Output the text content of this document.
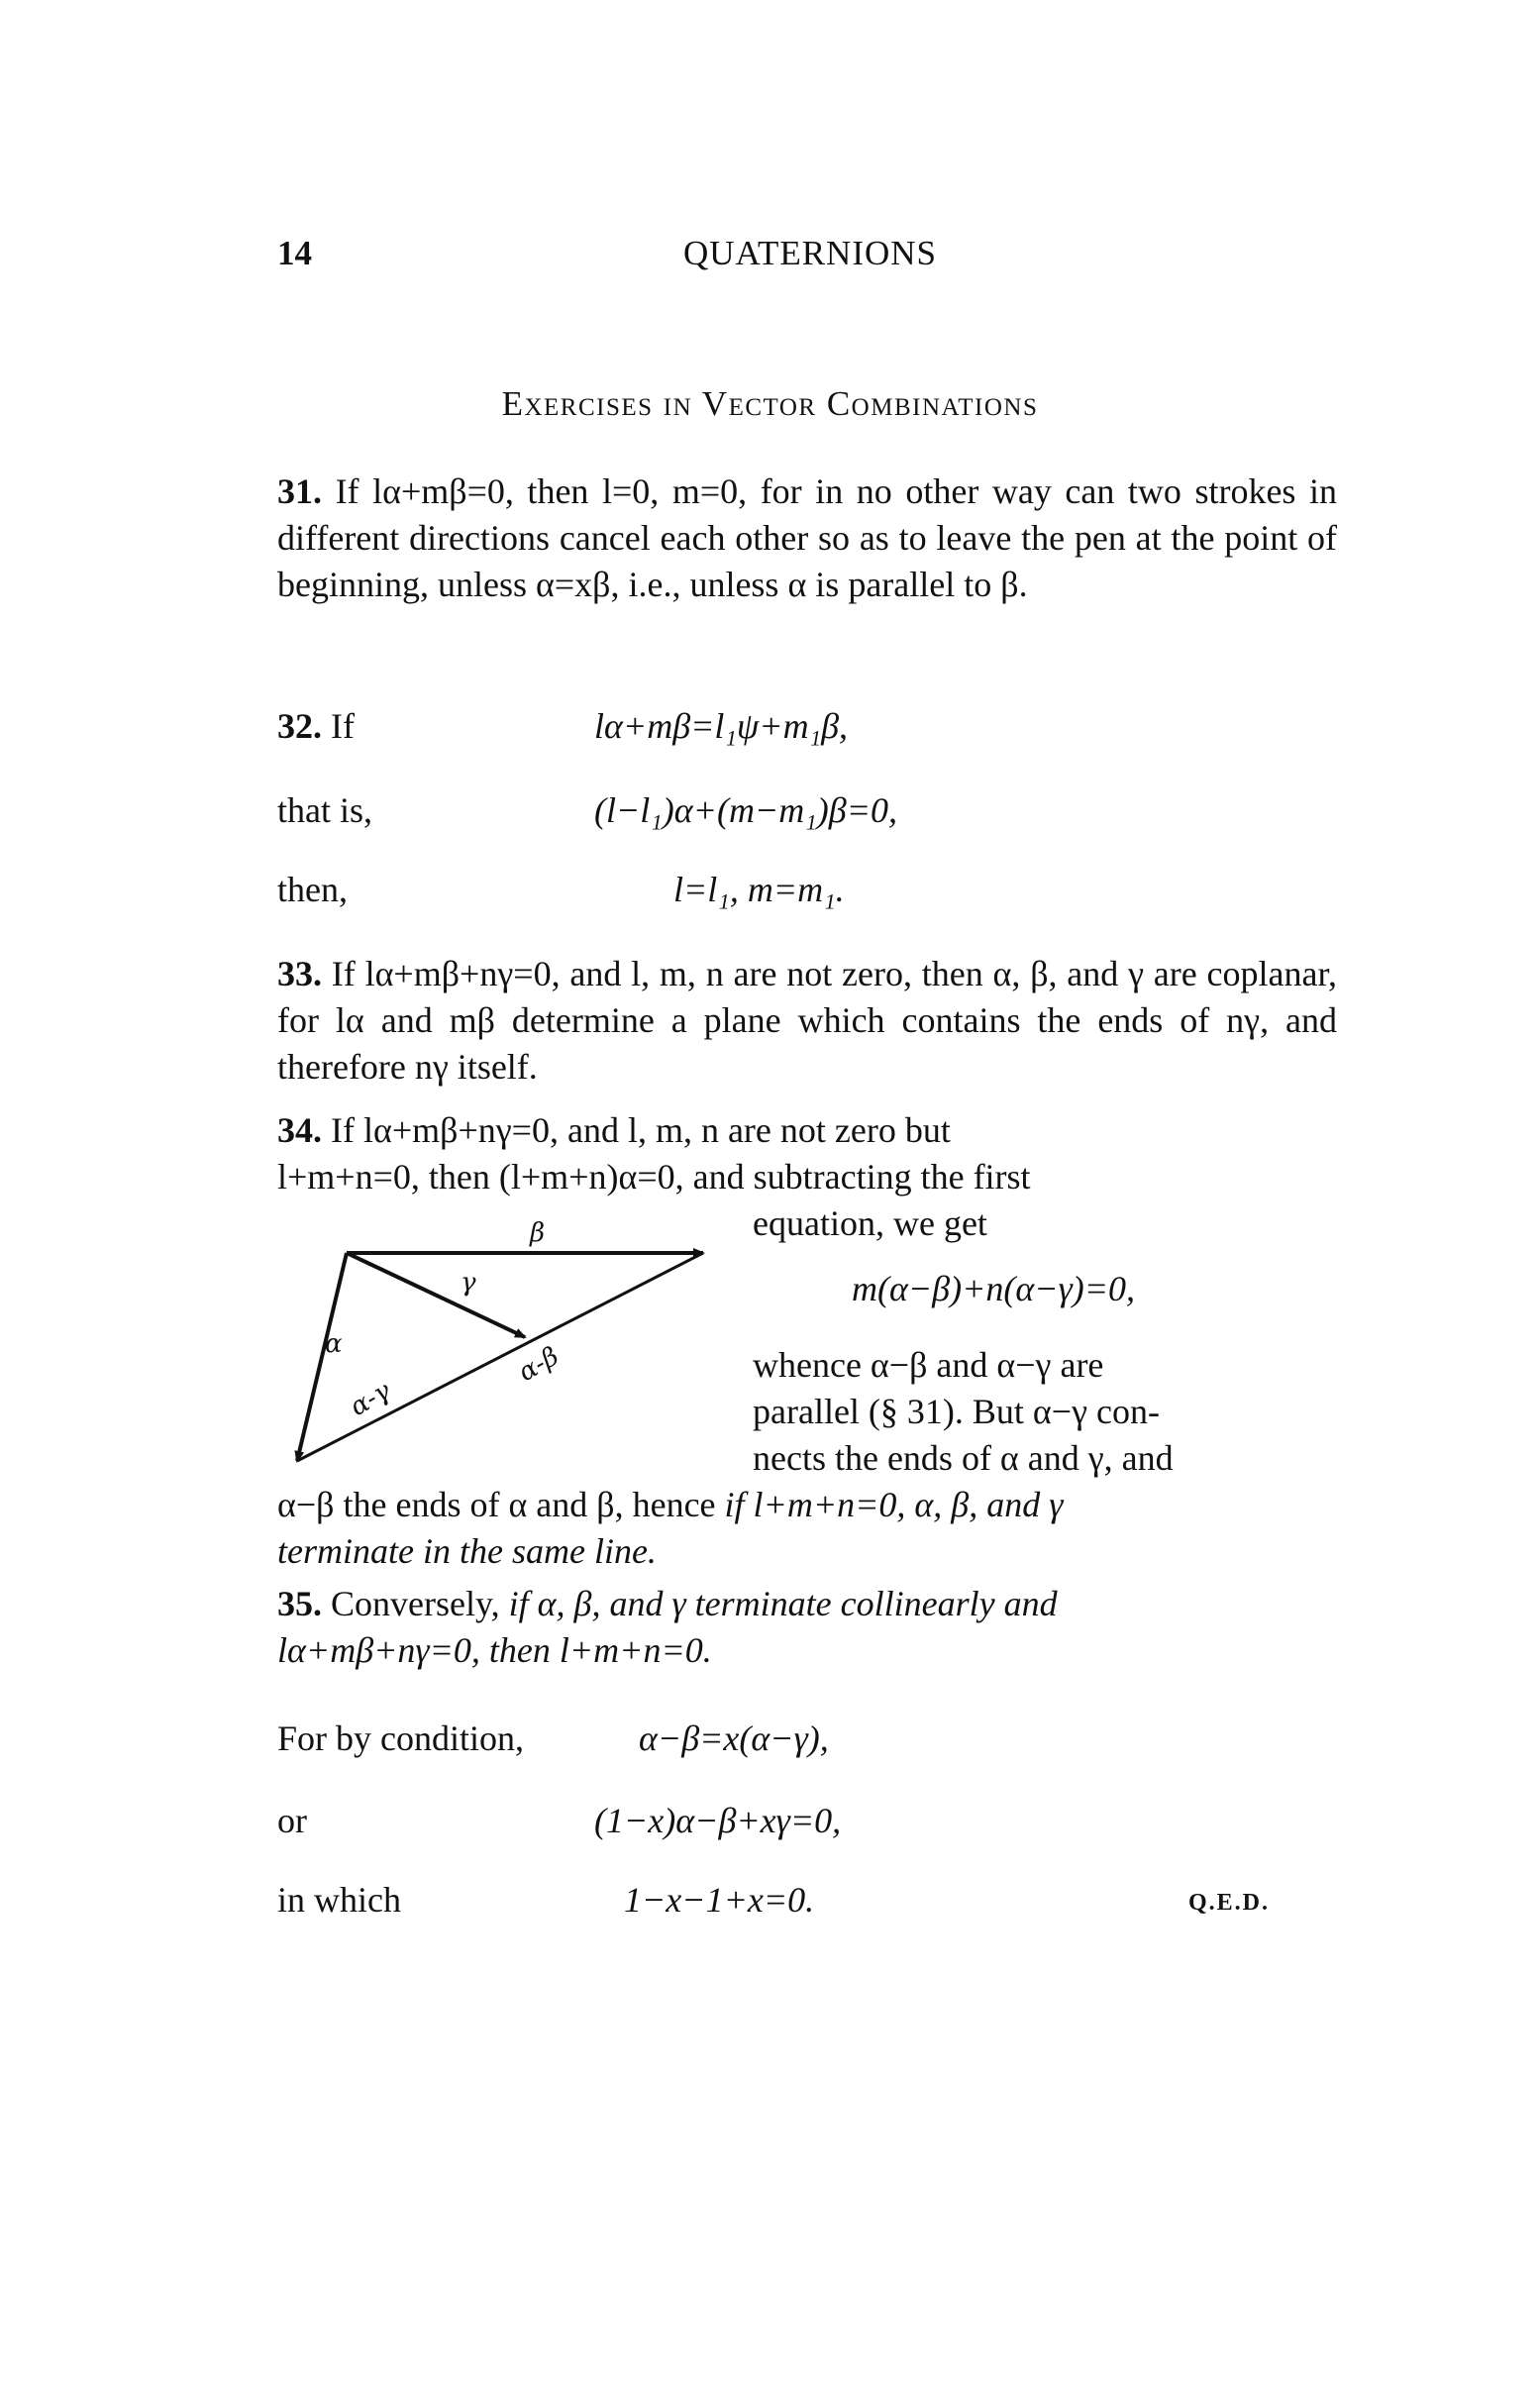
14	QUATERNIONS
Exercises in Vector Combinations
31. If lα+mβ=0, then l=0, m=0, for in no other way can two strokes in different directions cancel each other so as to leave the pen at the point of beginning, unless α=xβ, i.e., unless α is parallel to β.
32. If	lα+mβ=l₁ψ+m₁β,
that is,	(l−l₁)α+(m−m₁)β=0,
then,	l=l₁, m=m₁.
33. If lα+mβ+nγ=0, and l, m, n are not zero, then α, β, and γ are coplanar, for lα and mβ determine a plane which contains the ends of nγ, and therefore nγ itself.
34. If lα+mβ+nγ=0, and l, m, n are not zero but
l+m+n=0, then (l+m+n)α=0, and subtracting the first
equation, we get
m(α−β)+n(α−γ)=0,
whence α−β and α−γ are
parallel (§ 31). But α−γ con-
nects the ends of α and γ, and
α−β the ends of α and β, hence if l+m+n=0, α, β, and γ
terminate in the same line.
β
γ
α
α-γ
α-β
35. Conversely, if α, β, and γ terminate collinearly and
lα+mβ+nγ=0, then l+m+n=0.
For by condition,	α−β=x(α−γ),
or	(1−x)α−β+xγ=0,
in which	1−x−1+x=0.	Q.E.D.
